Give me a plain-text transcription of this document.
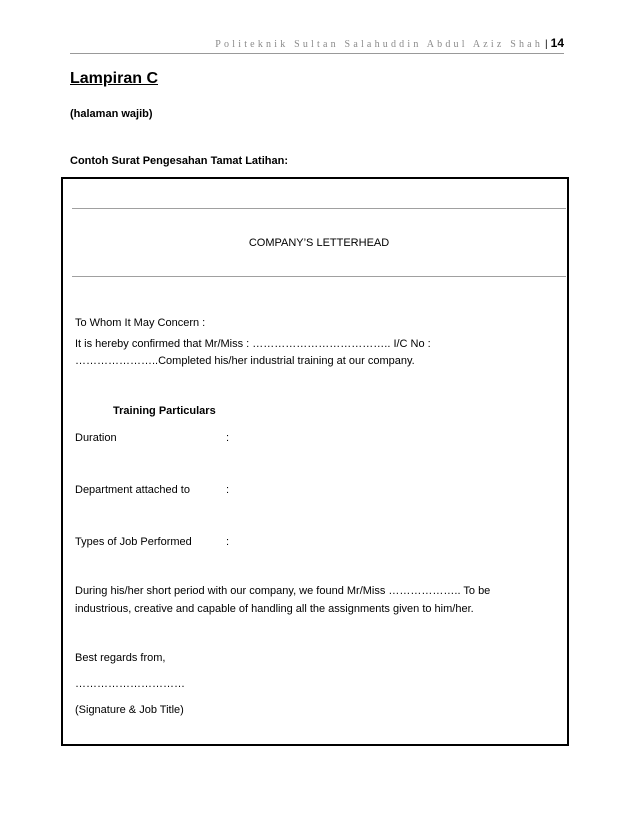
Politeknik Sultan Salahuddin Abdul Aziz Shah | 14
Lampiran C
(halaman wajib)
Contoh Surat Pengesahan Tamat Latihan:
COMPANY’S LETTERHEAD
To Whom It May Concern :
It is hereby confirmed that Mr/Miss : ……………………………….. I/C No :
…………………..Completed his/her industrial training at our company.
Training Particulars
Duration	:
Department attached to	:
Types of Job Performed	:
During his/her short period with our company, we found Mr/Miss ……………….. To be
industrious, creative and capable of handling all the assignments given to him/her.
Best regards from,
…………………………
(Signature & Job Title)
